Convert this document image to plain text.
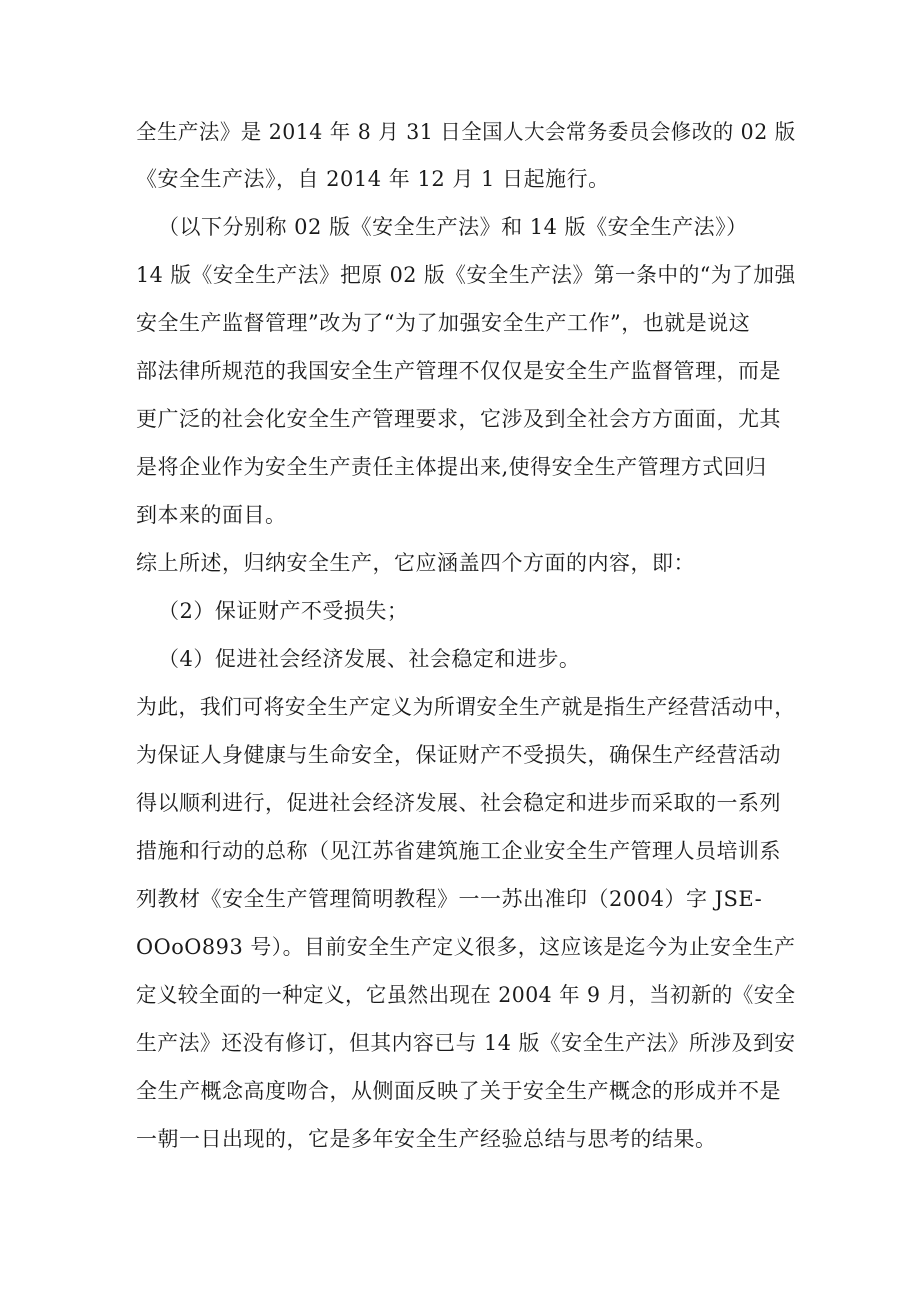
全生产法》是 2014 年 8 月 31 日全国人大会常务委员会修改的 02 版
《安全生产法》，自 2014 年 12 月 1 日起施行。
（以下分别称 02 版《安全生产法》和 14 版《安全生产法》）
14 版《安全生产法》把原 02 版《安全生产法》第一条中的“为了加强
安全生产监督管理”改为了“为了加强安全生产工作”，也就是说这
部法律所规范的我国安全生产管理不仅仅是安全生产监督管理，而是
更广泛的社会化安全生产管理要求，它涉及到全社会方方面面，尤其
是将企业作为安全生产责任主体提出来,使得安全生产管理方式回归
到本来的面目。
综上所述，归纳安全生产，它应涵盖四个方面的内容，即：
（2）保证财产不受损失；
（4）促进社会经济发展、社会稳定和进步。
为此，我们可将安全生产定义为所谓安全生产就是指生产经营活动中，
为保证人身健康与生命安全，保证财产不受损失，确保生产经营活动
得以顺利进行，促进社会经济发展、社会稳定和进步而采取的一系列
措施和行动的总称（见江苏省建筑施工企业安全生产管理人员培训系
列教材《安全生产管理简明教程》一一苏出准印（2004）字 JSE-
OOoO893 号）。目前安全生产定义很多，这应该是迄今为止安全生产
定义较全面的一种定义，它虽然出现在 2004 年 9 月，当初新的《安全
生产法》还没有修订，但其内容已与 14 版《安全生产法》所涉及到安
全生产概念高度吻合，从侧面反映了关于安全生产概念的形成并不是
一朝一日出现的，它是多年安全生产经验总结与思考的结果。
